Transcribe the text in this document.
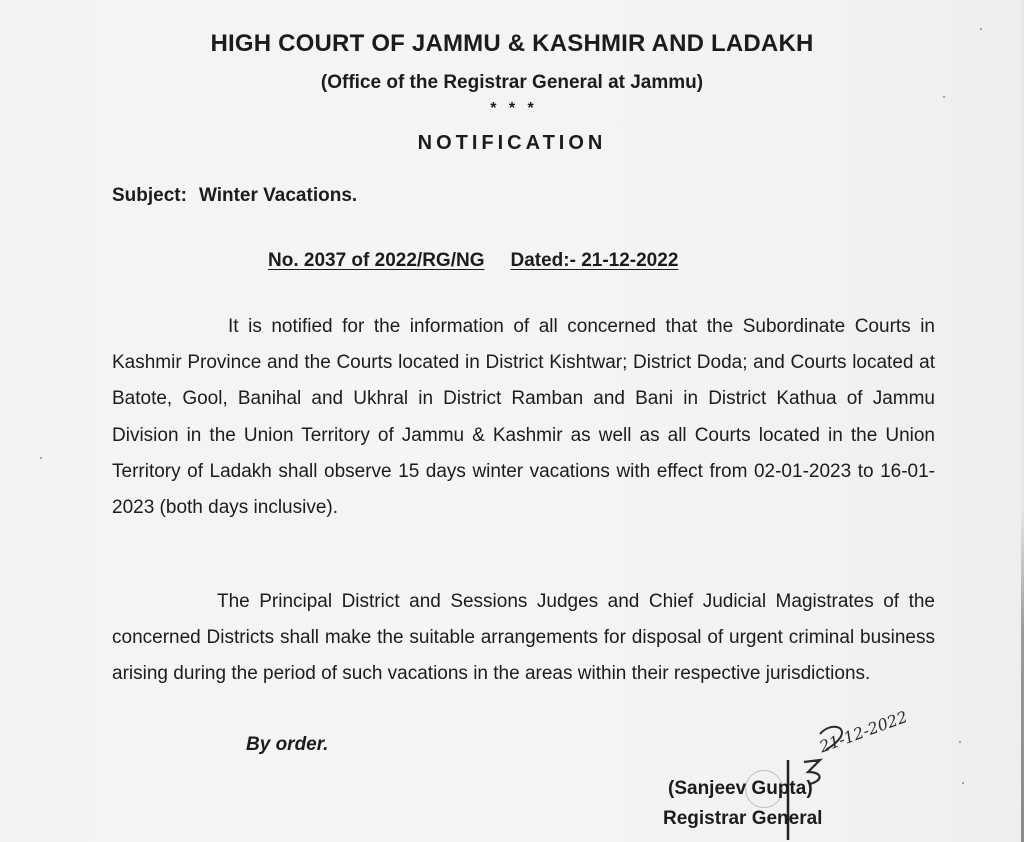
HIGH COURT OF JAMMU & KASHMIR AND LADAKH
(Office of the Registrar General at Jammu)
* * *
NOTIFICATION
Subject: Winter Vacations.
No. 2037 of 2022/RG/NG Dated:- 21-12-2022
It is notified for the information of all concerned that the Subordinate Courts in Kashmir Province and the Courts located in District Kishtwar; District Doda; and Courts located at Batote, Gool, Banihal and Ukhral in District Ramban and Bani in District Kathua of Jammu Division in the Union Territory of Jammu & Kashmir as well as all Courts located in the Union Territory of Ladakh shall observe 15 days winter vacations with effect from 02-01-2023 to 16-01-2023 (both days inclusive).
The Principal District and Sessions Judges and Chief Judicial Magistrates of the concerned Districts shall make the suitable arrangements for disposal of urgent criminal business arising during the period of such vacations in the areas within their respective jurisdictions.
By order.	21-12-2022
(Sanjeev Gupta)
Registrar General
